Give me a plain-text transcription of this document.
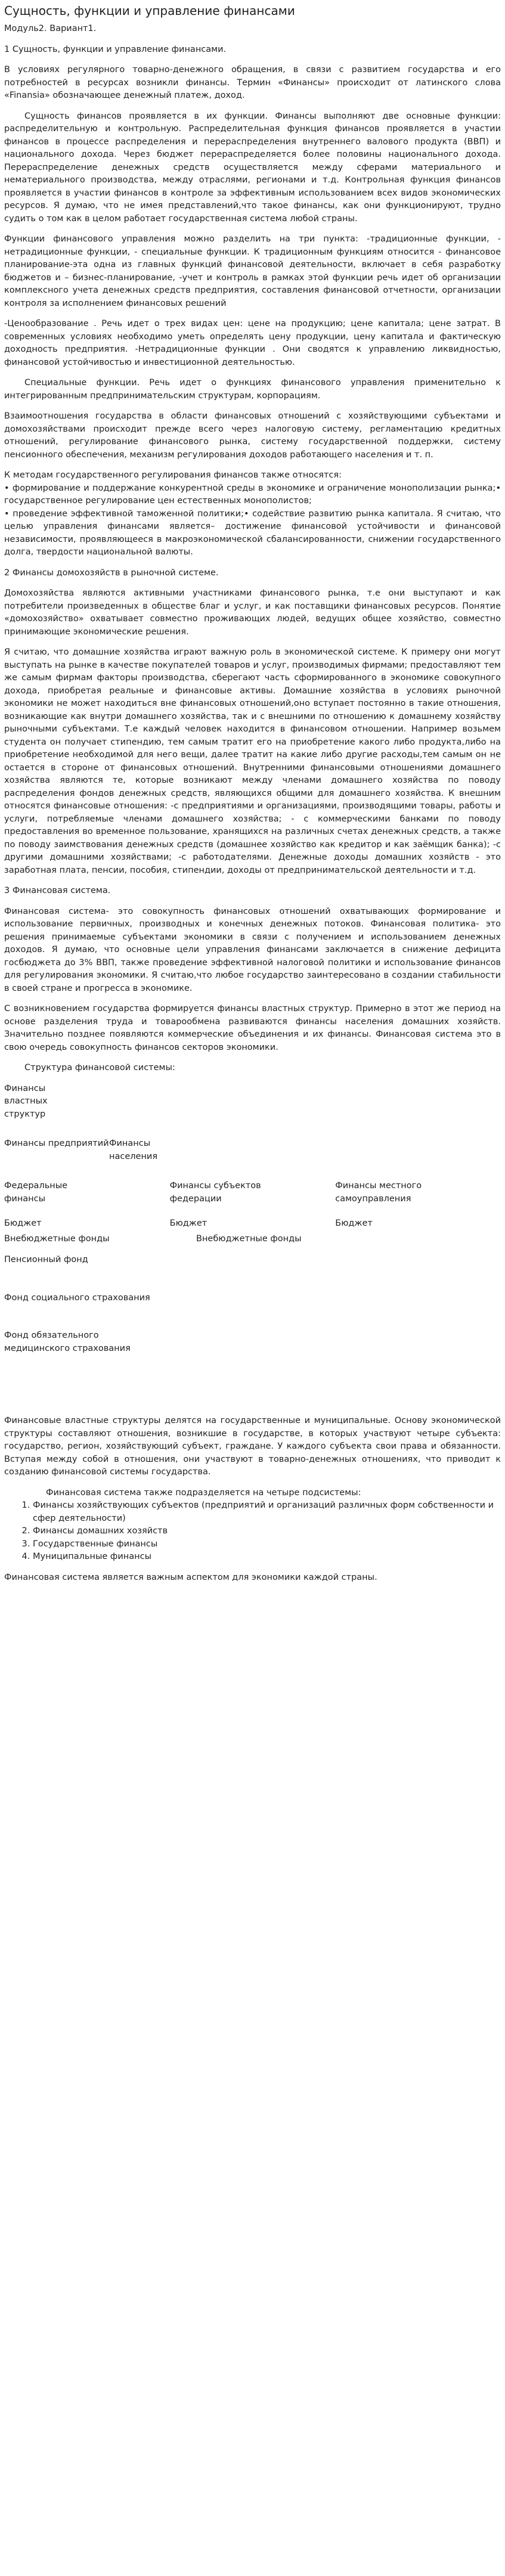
Сущность, функции и управление финансами

Модуль2. Вариант1.

1 Сущность, функции и управление финансами.

В условиях регулярного товарно-денежного обращения, в связи с развитием государства и его потребностей в ресурсах возникли финансы. Термин «Финансы» происходит от латинского слова «Finansia» обозначающее денежный платеж, доход.

Сущность финансов проявляется в их функции. Финансы выполняют две основные функции: распределительную и контрольную. Распределительная функция финансов проявляется в участии финансов в процессе распределения и перераспределения внутреннего валового продукта (ВВП) и национального дохода. Через бюджет перераспределяется более половины национального дохода. Перераспределение денежных средств осуществляется между сферами материального и нематериального производства, между отраслями, регионами и т.д. Контрольная функция финансов проявляется в участии финансов в контроле за эффективным использованием всех видов экономических ресурсов. Я думаю, что не имея представлений,что такое финансы, как они функционируют, трудно судить о том как в целом работает государственная система любой страны.

Функции финансового управления можно разделить на три пункта: -традиционные функции, - нетрадиционные функции, - специальные функции. К традиционным функциям относится - финансовое планирование-эта одна из главных функций финансовой деятельности, включает в себя разработку бюджетов и – бизнес-планирование, -учет и контроль в рамках этой функции речь идет об организации комплексного учета денежных средств предприятия, составления финансовой отчетности, организации контроля за исполнением финансовых решений

-Ценообразование . Речь идет о трех видах цен: цене на продукцию; цене капитала; цене затрат. В современных условиях необходимо уметь определять цену продукции, цену капитала и фактическую доходность предприятия. -Нетрадиционные функции . Они сводятся к управлению ликвидностью, финансовой устойчивостью и инвестиционной деятельностью.

Специальные функции. Речь идет о функциях финансового управления применительно к интегрированным предпринимательским структурам, корпорациям.

Взаимоотношения государства в области финансовых отношений с хозяйствующими субъектами и домохозяйствами происходит прежде всего через налоговую систему, регламентацию кредитных отношений, регулирование финансового рынка, систему государственной поддержки, систему пенсионного обеспечения, механизм регулирования доходов работающего населения и т. п.

К методам государственного регулирования финансов также относятся:
• формирование и поддержание конкурентной среды в экономике и ограничение монополизации рынка;• государственное регулирование цен естественных монополистов;
• проведение эффективной таможенной политики;• содействие развитию рынка капитала. Я считаю, что целью управления финансами является– достижение финансовой устойчивости и финансовой независимости, проявляющееся в макроэкономической сбалансированности, снижении государственного долга, твердости национальной валюты.

2 Финансы домохозяйств в рыночной системе.

Домохозяйства являются активными участниками финансового рынка, т.е они выступают и как потребители произведенных в обществе благ и услуг, и как поставщики финансовых ресурсов. Понятие «домохозяйство» охватывает совместно проживающих людей, ведущих общее хозяйство, совместно принимающие экономические решения.

Я считаю, что домашние хозяйства играют важную роль в экономической системе. К примеру они могут выступать на рынке в качестве покупателей товаров и услуг, производимых фирмами; предоставляют тем же самым фирмам факторы производства, сберегают часть сформированного в экономике совокупного дохода, приобретая реальные и финансовые активы. Домашние хозяйства в условиях рыночной экономики не может находиться вне финансовых отношений,оно вступает постоянно в такие отношения, возникающие как внутри домашнего хозяйства, так и с внешними по отношению к домашнему хозяйству рыночными субъектами. Т.е каждый человек находится в финансовом отношении. Например возьмем студента он получает стипендию, тем самым тратит его на приобретение какого либо продукта,либо на приобретение необходимой для него вещи, далее тратит на какие либо другие расходы,тем самым он не остается в стороне от финансовых отношений. Внутренними финансовыми отношениями домашнего хозяйства являются те, которые возникают между членами домашнего хозяйства по поводу распределения фондов денежных средств, являющихся общими для домашнего хозяйства. К внешним относятся финансовые отношения: -с предприятиями и организациями, производящими товары, работы и услуги, потребляемые членами домашнего хозяйства; - с коммерческими банками по поводу предоставления во временное пользование, хранящихся на различных счетах денежных средств, а также по поводу заимствования денежных средств (домашнее хозяйство как кредитор и как заёмщик банка); -с другими домашними хозяйствами; -с работодателями. Денежные доходы домашних хозяйств - это заработная плата, пенсии, пособия, стипендии, доходы от предпринимательской деятельности и т.д.

3 Финансовая система.

Финансовая система- это совокупность финансовых отношений охватывающих формирование и использование первичных, производных и конечных денежных потоков. Финансовая политика- это решения принимаемые субъектами экономики в связи с получением и использованием денежных доходов. Я думаю, что основные цели управления финансами заключается в снижение дефицита госбюджета до 3% ВВП, также проведение эффективной налоговой политики и использование финансов для регулирования экономики. Я считаю,что любое государство заинтересовано в создании стабильности в своей стране и прогресса в экономике.

С возникновением государства формируется финансы властных структур. Примерно в этот же период на основе разделения труда и товарообмена развиваются финансы населения домашних хозяйств. Значительно позднее появляются коммерческие объединения и их финансы. Финансовая система это в свою очередь совокупность финансов секторов экономики.

Структура финансовой системы:

Финансы властных структур
Финансы предприятий Финансы населения
Федеральные финансы
Финансы субъектов федерации
Финансы местного самоуправления
Бюджет	Бюджет	Бюджет
Внебюджетные фонды	Внебюджетные фонды
Пенсионный фонд
Фонд социального страхования
Фонд обязательного медицинского страхования

Финансовые властные структуры делятся на государственные и муниципальные. Основу экономической структуры составляют отношения, возникшие в государстве, в которых участвуют четыре субъекта: государство, регион, хозяйствующий субъект, граждане. У каждого субъекта свои права и обязанности. Вступая между собой в отношения, они участвуют в товарно-денежных отношениях, что приводит к созданию финансовой системы государства.

Финансовая система также подразделяется на четыре подсистемы:
1. Финансы хозяйствующих субъектов (предприятий и организаций различных форм собственности и сфер деятельности)
2. Финансы домашних хозяйств
3. Государственные финансы
4. Муниципальные финансы

Финансовая система является важным аспектом для экономики каждой страны.
